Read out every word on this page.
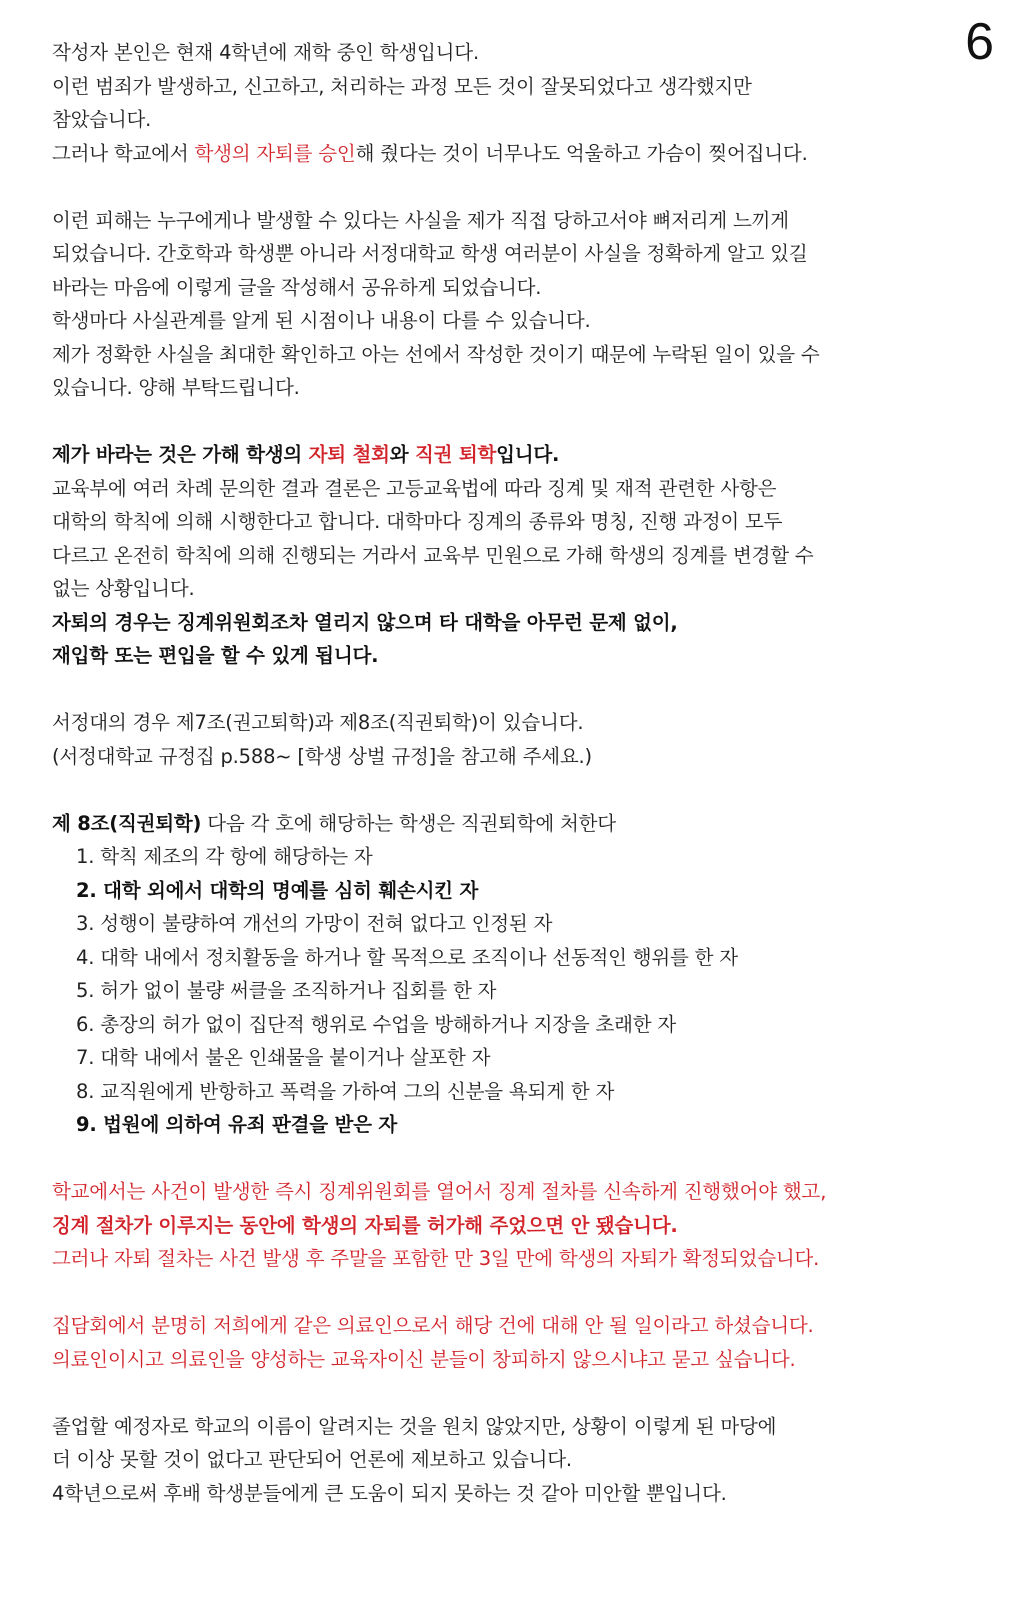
6
작성자 본인은 현재 4학년에 재학 중인 학생입니다.
이런 범죄가 발생하고, 신고하고, 처리하는 과정 모든 것이 잘못되었다고 생각했지만
참았습니다.
그러나 학교에서 학생의 자퇴를 승인해 줬다는 것이 너무나도 억울하고 가슴이 찢어집니다.
이런 피해는 누구에게나 발생할 수 있다는 사실을 제가 직접 당하고서야 뼈저리게 느끼게
되었습니다. 간호학과 학생뿐 아니라 서정대학교 학생 여러분이 사실을 정확하게 알고 있길
바라는 마음에 이렇게 글을 작성해서 공유하게 되었습니다.
학생마다 사실관계를 알게 된 시점이나 내용이 다를 수 있습니다.
제가 정확한 사실을 최대한 확인하고 아는 선에서 작성한 것이기 때문에 누락된 일이 있을 수
있습니다. 양해 부탁드립니다.
제가 바라는 것은 가해 학생의 자퇴 철회와 직권 퇴학입니다.
교육부에 여러 차례 문의한 결과 결론은 고등교육법에 따라 징계 및 재적 관련한 사항은
대학의 학칙에 의해 시행한다고 합니다. 대학마다 징계의 종류와 명칭, 진행 과정이 모두
다르고 온전히 학칙에 의해 진행되는 거라서 교육부 민원으로 가해 학생의 징계를 변경할 수
없는 상황입니다.
자퇴의 경우는 징계위원회조차 열리지 않으며 타 대학을 아무런 문제 없이,
재입학 또는 편입을 할 수 있게 됩니다.
서정대의 경우 제7조(권고퇴학)과 제8조(직권퇴학)이 있습니다.
(서정대학교 규정집 p.588~ [학생 상벌 규정]을 참고해 주세요.)
제 8조(직권퇴학) 다음 각 호에 해당하는 학생은 직권퇴학에 처한다
1. 학칙 제조의 각 항에 해당하는 자
2. 대학 외에서 대학의 명예를 심히 훼손시킨 자
3. 성행이 불량하여 개선의 가망이 전혀 없다고 인정된 자
4. 대학 내에서 정치활동을 하거나 할 목적으로 조직이나 선동적인 행위를 한 자
5. 허가 없이 불량 써클을 조직하거나 집회를 한 자
6. 총장의 허가 없이 집단적 행위로 수업을 방해하거나 지장을 초래한 자
7. 대학 내에서 불온 인쇄물을 붙이거나 살포한 자
8. 교직원에게 반항하고 폭력을 가하여 그의 신분을 욕되게 한 자
9. 법원에 의하여 유죄 판결을 받은 자
학교에서는 사건이 발생한 즉시 징계위원회를 열어서 징계 절차를 신속하게 진행했어야 했고,
징계 절차가 이루지는 동안에 학생의 자퇴를 허가해 주었으면 안 됐습니다.
그러나 자퇴 절차는 사건 발생 후 주말을 포함한 만 3일 만에 학생의 자퇴가 확정되었습니다.
집담회에서 분명히 저희에게 같은 의료인으로서 해당 건에 대해 안 될 일이라고 하셨습니다.
의료인이시고 의료인을 양성하는 교육자이신 분들이 창피하지 않으시냐고 묻고 싶습니다.
졸업할 예정자로 학교의 이름이 알려지는 것을 원치 않았지만, 상황이 이렇게 된 마당에
더 이상 못할 것이 없다고 판단되어 언론에 제보하고 있습니다.
4학년으로써 후배 학생분들에게 큰 도움이 되지 못하는 것 같아 미안할 뿐입니다.
